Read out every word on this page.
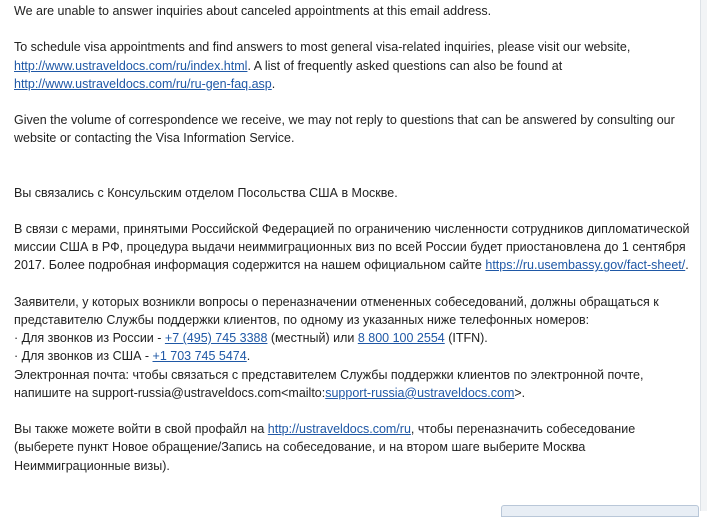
We are unable to answer inquiries about canceled appointments at this email address.

To schedule visa appointments and find answers to most general visa-related inquiries, please visit our website,
http://www.ustraveldocs.com/ru/index.html. A list of frequently asked questions can also be found at
http://www.ustraveldocs.com/ru/ru-gen-faq.asp.

Given the volume of correspondence we receive, we may not reply to questions that can be answered by consulting our website or contacting the Visa Information Service.

Вы связались с Консульским отделом Посольства США в Москве.

В связи с мерами, принятыми Российской Федерацией по ограничению численности сотрудников дипломатической миссии США в РФ, процедура выдачи неиммиграционных виз по всей России будет приостановлена до 1 сентября 2017. Более подробная информация содержится на нашем официальном сайте https://ru.usembassy.gov/fact-sheet/.

Заявители, у которых возникли вопросы о переназначении отмененных собеседований, должны обращаться к представителю Службы поддержки клиентов, по одному из указанных ниже телефонных номеров:

· Для звонков из России - +7 (495) 745 3388 (местный) или 8 800 100 2554 (ITFN).

· Для звонков из США - +1 703 745 5474.

Электронная почта: чтобы связаться с представителем Службы поддержки клиентов по электронной почте, напишите на support-russia@ustraveldocs.com<mailto:support-russia@ustraveldocs.com>.

Вы также можете войти в свой профайл на http://ustraveldocs.com/ru, чтобы переназначить собеседование (выберете пункт Новое обращение/Запись на собеседование, и на втором шаге выберите Москва Неиммиграционные визы).
